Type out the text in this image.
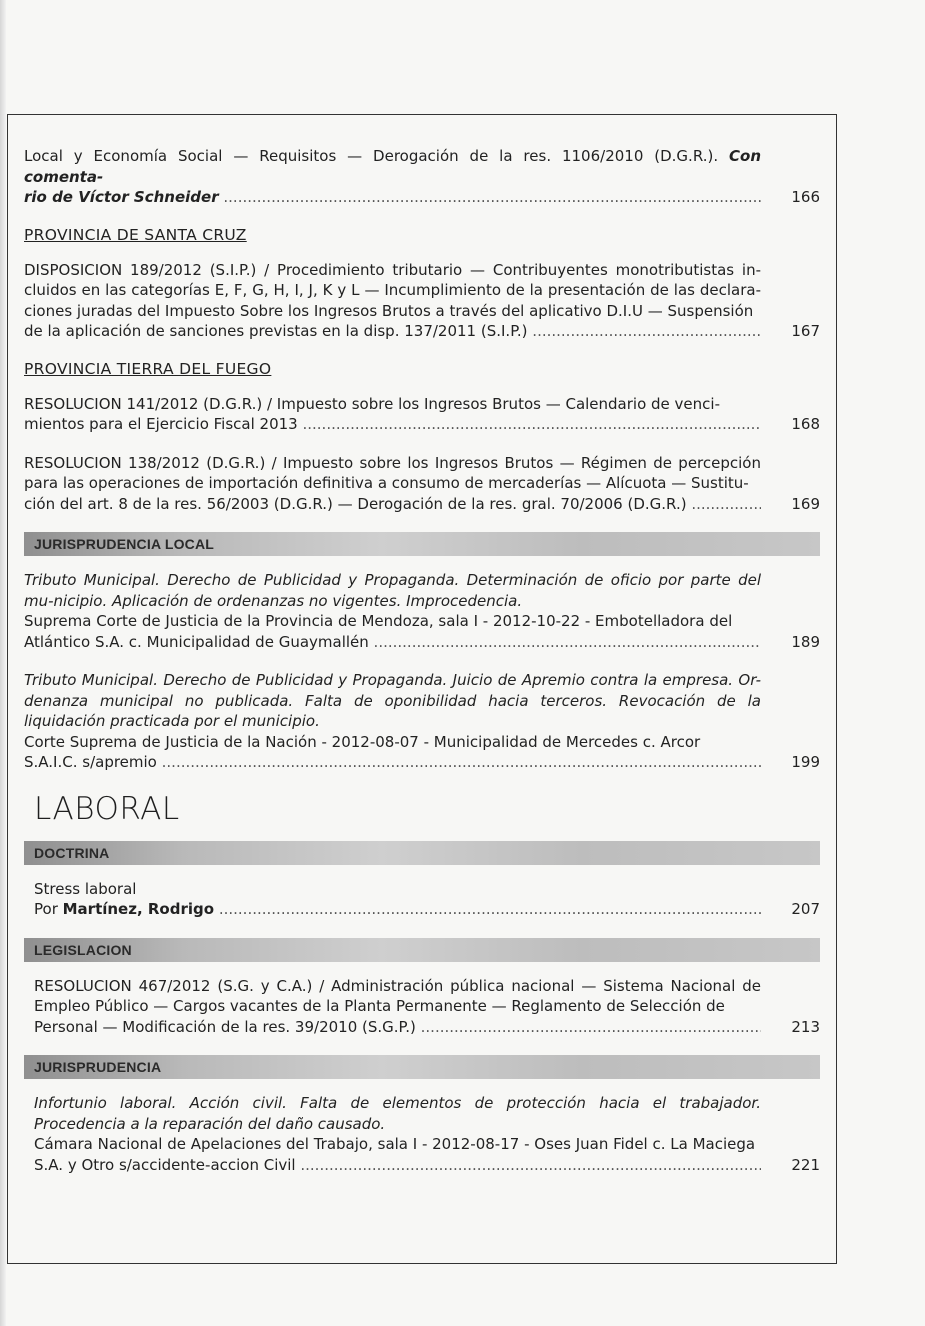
Local y Economía Social — Requisitos — Derogación de la res. 1106/2010 (D.G.R.). Con comenta-
rio de Víctor Schneider .....	166
PROVINCIA DE SANTA CRUZ
DISPOSICION 189/2012 (S.I.P.) / Procedimiento tributario — Contribuyentes monotributistas in-cluidos en las categorías E, F, G, H, I, J, K y L — Incumplimiento de la presentación de las declara-ciones juradas del Impuesto Sobre los Ingresos Brutos a través del aplicativo D.I.U — Suspensión
de la aplicación de sanciones previstas en la disp. 137/2011 (S.I.P.) .....	167
PROVINCIA TIERRA DEL FUEGO
RESOLUCION 141/2012 (D.G.R.) / Impuesto sobre los Ingresos Brutos — Calendario de venci-
mientos para el Ejercicio Fiscal 2013 .....	168
RESOLUCION 138/2012 (D.G.R.) / Impuesto sobre los Ingresos Brutos — Régimen de percepción para las operaciones de importación definitiva a consumo de mercaderías — Alícuota — Sustitu-
ción del art. 8 de la res. 56/2003 (D.G.R.) — Derogación de la res. gral. 70/2006 (D.G.R.) .....	169
JURISPRUDENCIA LOCAL
Tributo Municipal. Derecho de Publicidad y Propaganda. Determinación de oficio por parte del mu-nicipio. Aplicación de ordenanzas no vigentes. Improcedencia.
Suprema Corte de Justicia de la Provincia de Mendoza, sala I - 2012-10-22 - Embotelladora del
Atlántico S.A. c. Municipalidad de Guaymallén .....	189
Tributo Municipal. Derecho de Publicidad y Propaganda. Juicio de Apremio contra la empresa. Or-denanza municipal no publicada. Falta de oponibilidad hacia terceros. Revocación de la liquidación practicada por el municipio.
Corte Suprema de Justicia de la Nación - 2012-08-07 - Municipalidad de Mercedes c. Arcor
S.A.I.C. s/apremio .....	199
LABORAL
DOCTRINA
Stress laboral
Por Martínez, Rodrigo .....	207
LEGISLACION
RESOLUCION 467/2012 (S.G. y C.A.) / Administración pública nacional — Sistema Nacional de Empleo Público — Cargos vacantes de la Planta Permanente — Reglamento de Selección de
Personal — Modificación de la res. 39/2010 (S.G.P.) .....	213
JURISPRUDENCIA
Infortunio laboral. Acción civil. Falta de elementos de protección hacia el trabajador. Procedencia a la reparación del daño causado.
Cámara Nacional de Apelaciones del Trabajo, sala I - 2012-08-17 - Oses Juan Fidel c. La Maciega
S.A. y Otro s/accidente-accion Civil .....	221
